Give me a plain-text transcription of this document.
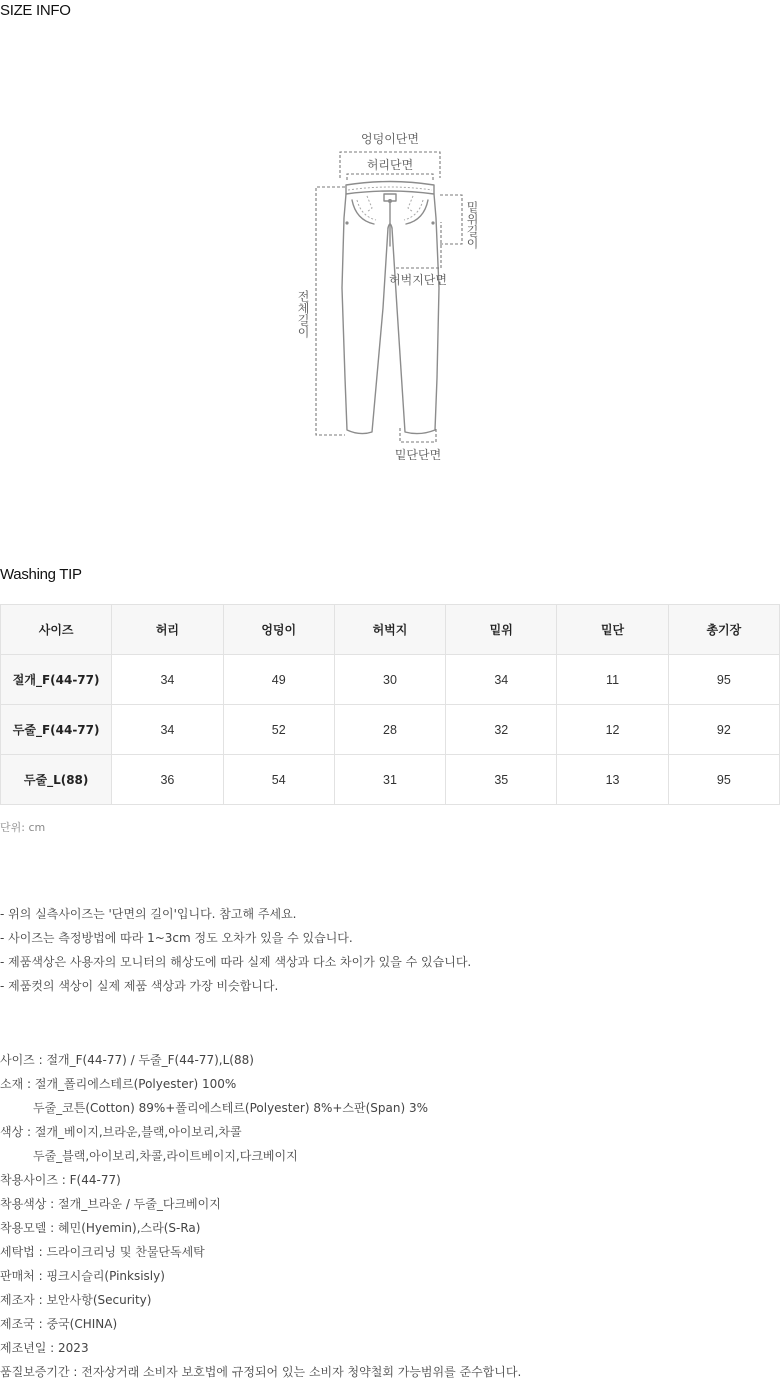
SIZE INFO
엉덩이단면
허리단면
밑위길이
허벅지단면
전체길이
밑단단면
Washing TIP
사이즈	허리	엉덩이	허벅지	밑위	밑단	총기장
절개_F(44-77)	34	49	30	34	11	95
두줄_F(44-77)	34	52	28	32	12	92
두줄_L(88)	36	54	31	35	13	95
단위: cm
- 위의 실측사이즈는 '단면의 길이'입니다. 참고해 주세요.
- 사이즈는 측정방법에 따라 1~3cm 정도 오차가 있을 수 있습니다.
- 제품색상은 사용자의 모니터의 해상도에 따라 실제 색상과 다소 차이가 있을 수 있습니다.
- 제품컷의 색상이 실제 제품 색상과 가장 비슷합니다.
사이즈 : 절개_F(44-77) / 두줄_F(44-77),L(88)
소재 : 절개_폴리에스테르(Polyester) 100%
두줄_코튼(Cotton) 89%+폴리에스테르(Polyester) 8%+스판(Span) 3%
색상 : 절개_베이지,브라운,블랙,아이보리,차콜
두줄_블랙,아이보리,차콜,라이트베이지,다크베이지
착용사이즈 : F(44-77)
착용색상 : 절개_브라운 / 두줄_다크베이지
착용모델 : 혜민(Hyemin),스라(S-Ra)
세탁법 : 드라이크리닝 및 찬물단독세탁
판매처 : 핑크시슬리(Pinksisly)
제조자 : 보안사항(Security)
제조국 : 중국(CHINA)
제조년일 : 2023
품질보증기간 : 전자상거래 소비자 보호법에 규정되어 있는 소비자 청약철회 가능범위를 준수합니다.
